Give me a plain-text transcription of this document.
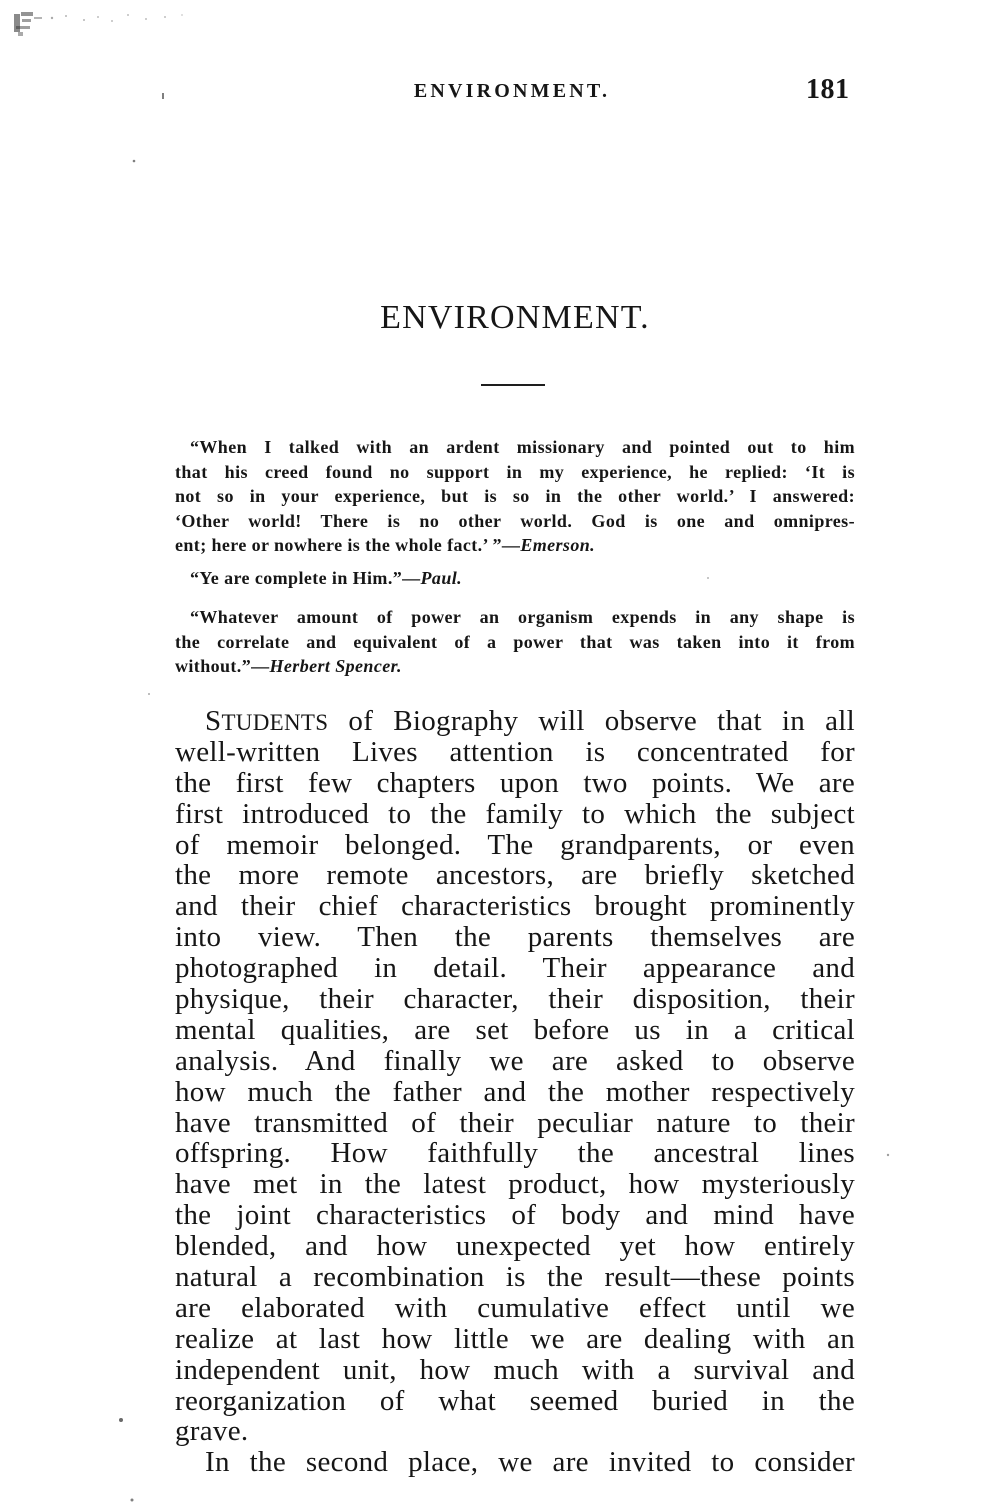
ENVIRONMENT.	181
ENVIRONMENT.
“When I talked with an ardent missionary and pointed out to him
that his creed found no support in my experience, he replied: ‘It is
not so in your experience, but is so in the other world.’ I answered:
‘Other world! There is no other world. God is one and omnipres-
ent; here or nowhere is the whole fact.’ ”—Emerson.
“Ye are complete in Him.”—Paul.
“Whatever amount of power an organism expends in any shape is
the correlate and equivalent of a power that was taken into it from
without.”—Herbert Spencer.
STUDENTS of Biography will observe that in all
well-written Lives attention is concentrated for
the first few chapters upon two points. We are
first introduced to the family to which the subject
of memoir belonged. The grandparents, or even
the more remote ancestors, are briefly sketched
and their chief characteristics brought prominently
into view. Then the parents themselves are
photographed in detail. Their appearance and
physique, their character, their disposition, their
mental qualities, are set before us in a critical
analysis. And finally we are asked to observe
how much the father and the mother respectively
have transmitted of their peculiar nature to their
offspring. How faithfully the ancestral lines
have met in the latest product, how mysteriously
the joint characteristics of body and mind have
blended, and how unexpected yet how entirely
natural a recombination is the result—these points
are elaborated with cumulative effect until we
realize at last how little we are dealing with an
independent unit, how much with a survival and
reorganization of what seemed buried in the
grave.
In the second place, we are invited to consider
